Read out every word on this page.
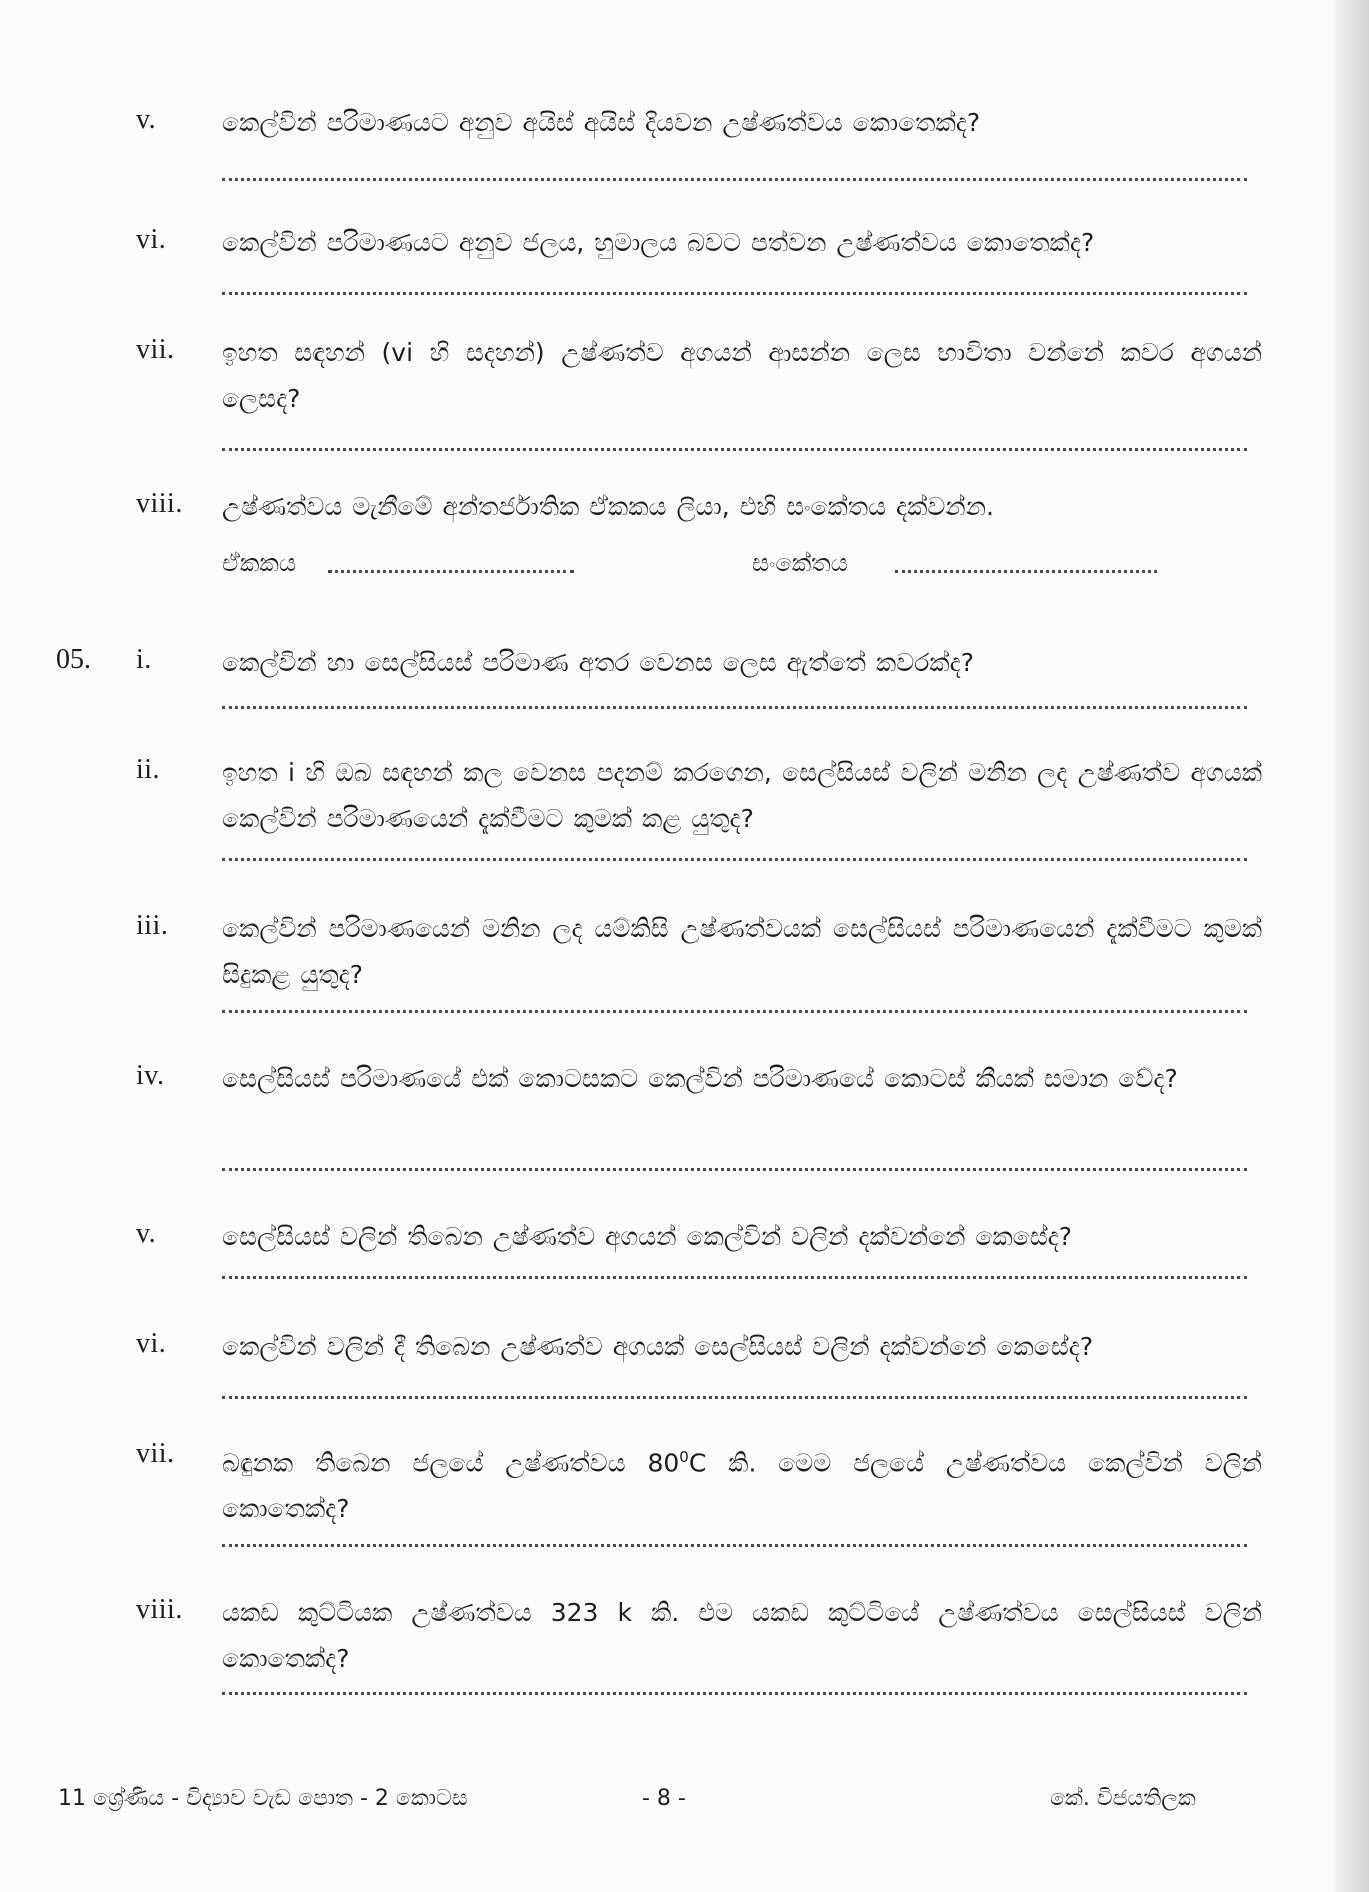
v.	කෙල්වින් පරිමාණයට අනුව අයිස් අයිස් දියවන උෂ්ණත්වය කොතෙක්ද?
vi. කෙල්වින් පරිමාණයට අනුව ජලය, හුමාලය බවට පත්වන උෂ්ණත්වය කොතෙක්ද?
vii. ඉහත සඳහන් (vi හි සදහන්) උෂ්ණත්ව අගයන් ආසන්න ලෙස භාවිතා වන්නේ කවර අගයන් ලෙසද?
viii. උෂ්ණත්වය මැනීමේ අන්තර්ජාතික ඒකකය ලියා, එහි සංකේතය දක්වන්න.
ඒකකය	සංකේතය
05. i.	කෙල්වින් හා සෙල්සියස් පරිමාණ අතර වෙනස ලෙස ඇත්තේ කවරක්ද?
ii. ඉහත i හි ඔබ සඳහන් කල වෙනස පදනම් කරගෙන, සෙල්සියස් වලින් මනින ලද උෂ්ණත්ව අගයක් කෙල්වින් පරිමාණයෙන් දැක්වීමට කුමක් කළ යුතුද?
iii. කෙල්වින් පරිමාණයෙන් මනින ලද යම්කිසි උෂ්ණත්වයක් සෙල්සියස් පරිමාණයෙන් දැක්වීමට කුමක් සිදුකළ යුතුද?
iv. සෙල්සියස් පරිමාණයේ එක් කොටසකට කෙල්වින් පරිමාණයේ කොටස් කීයක් සමාන වේද?
v.	සෙල්සියස් වලින් තිබෙන උෂ්ණත්ව අගයන් කෙල්වින් වලින් දක්වන්නේ කෙසේද?
vi. කෙල්වින් වලින් දී තිබෙන උෂ්ණත්ව අගයක් සෙල්සියස් වලින් දක්වන්නේ කෙසේද?
vii. බඳුනක තිබෙන ජලයේ උෂ්ණත්වය $80^0C$ කි. මෙම ජලයේ උෂ්ණත්වය කෙල්වින් වලින් කොතෙක්ද?
viii. යකඩ කුට්ටියක උෂ්ණත්වය 323 k කි. එම යකඩ කුට්ටියේ උෂ්ණත්වය සෙල්සියස් වලින් කොතෙක්ද?
11 ශ්‍රේණිය - විද්‍යාව වැඩ පොත - 2 කොටස	- 8 -	කේ. විජයතිලක
